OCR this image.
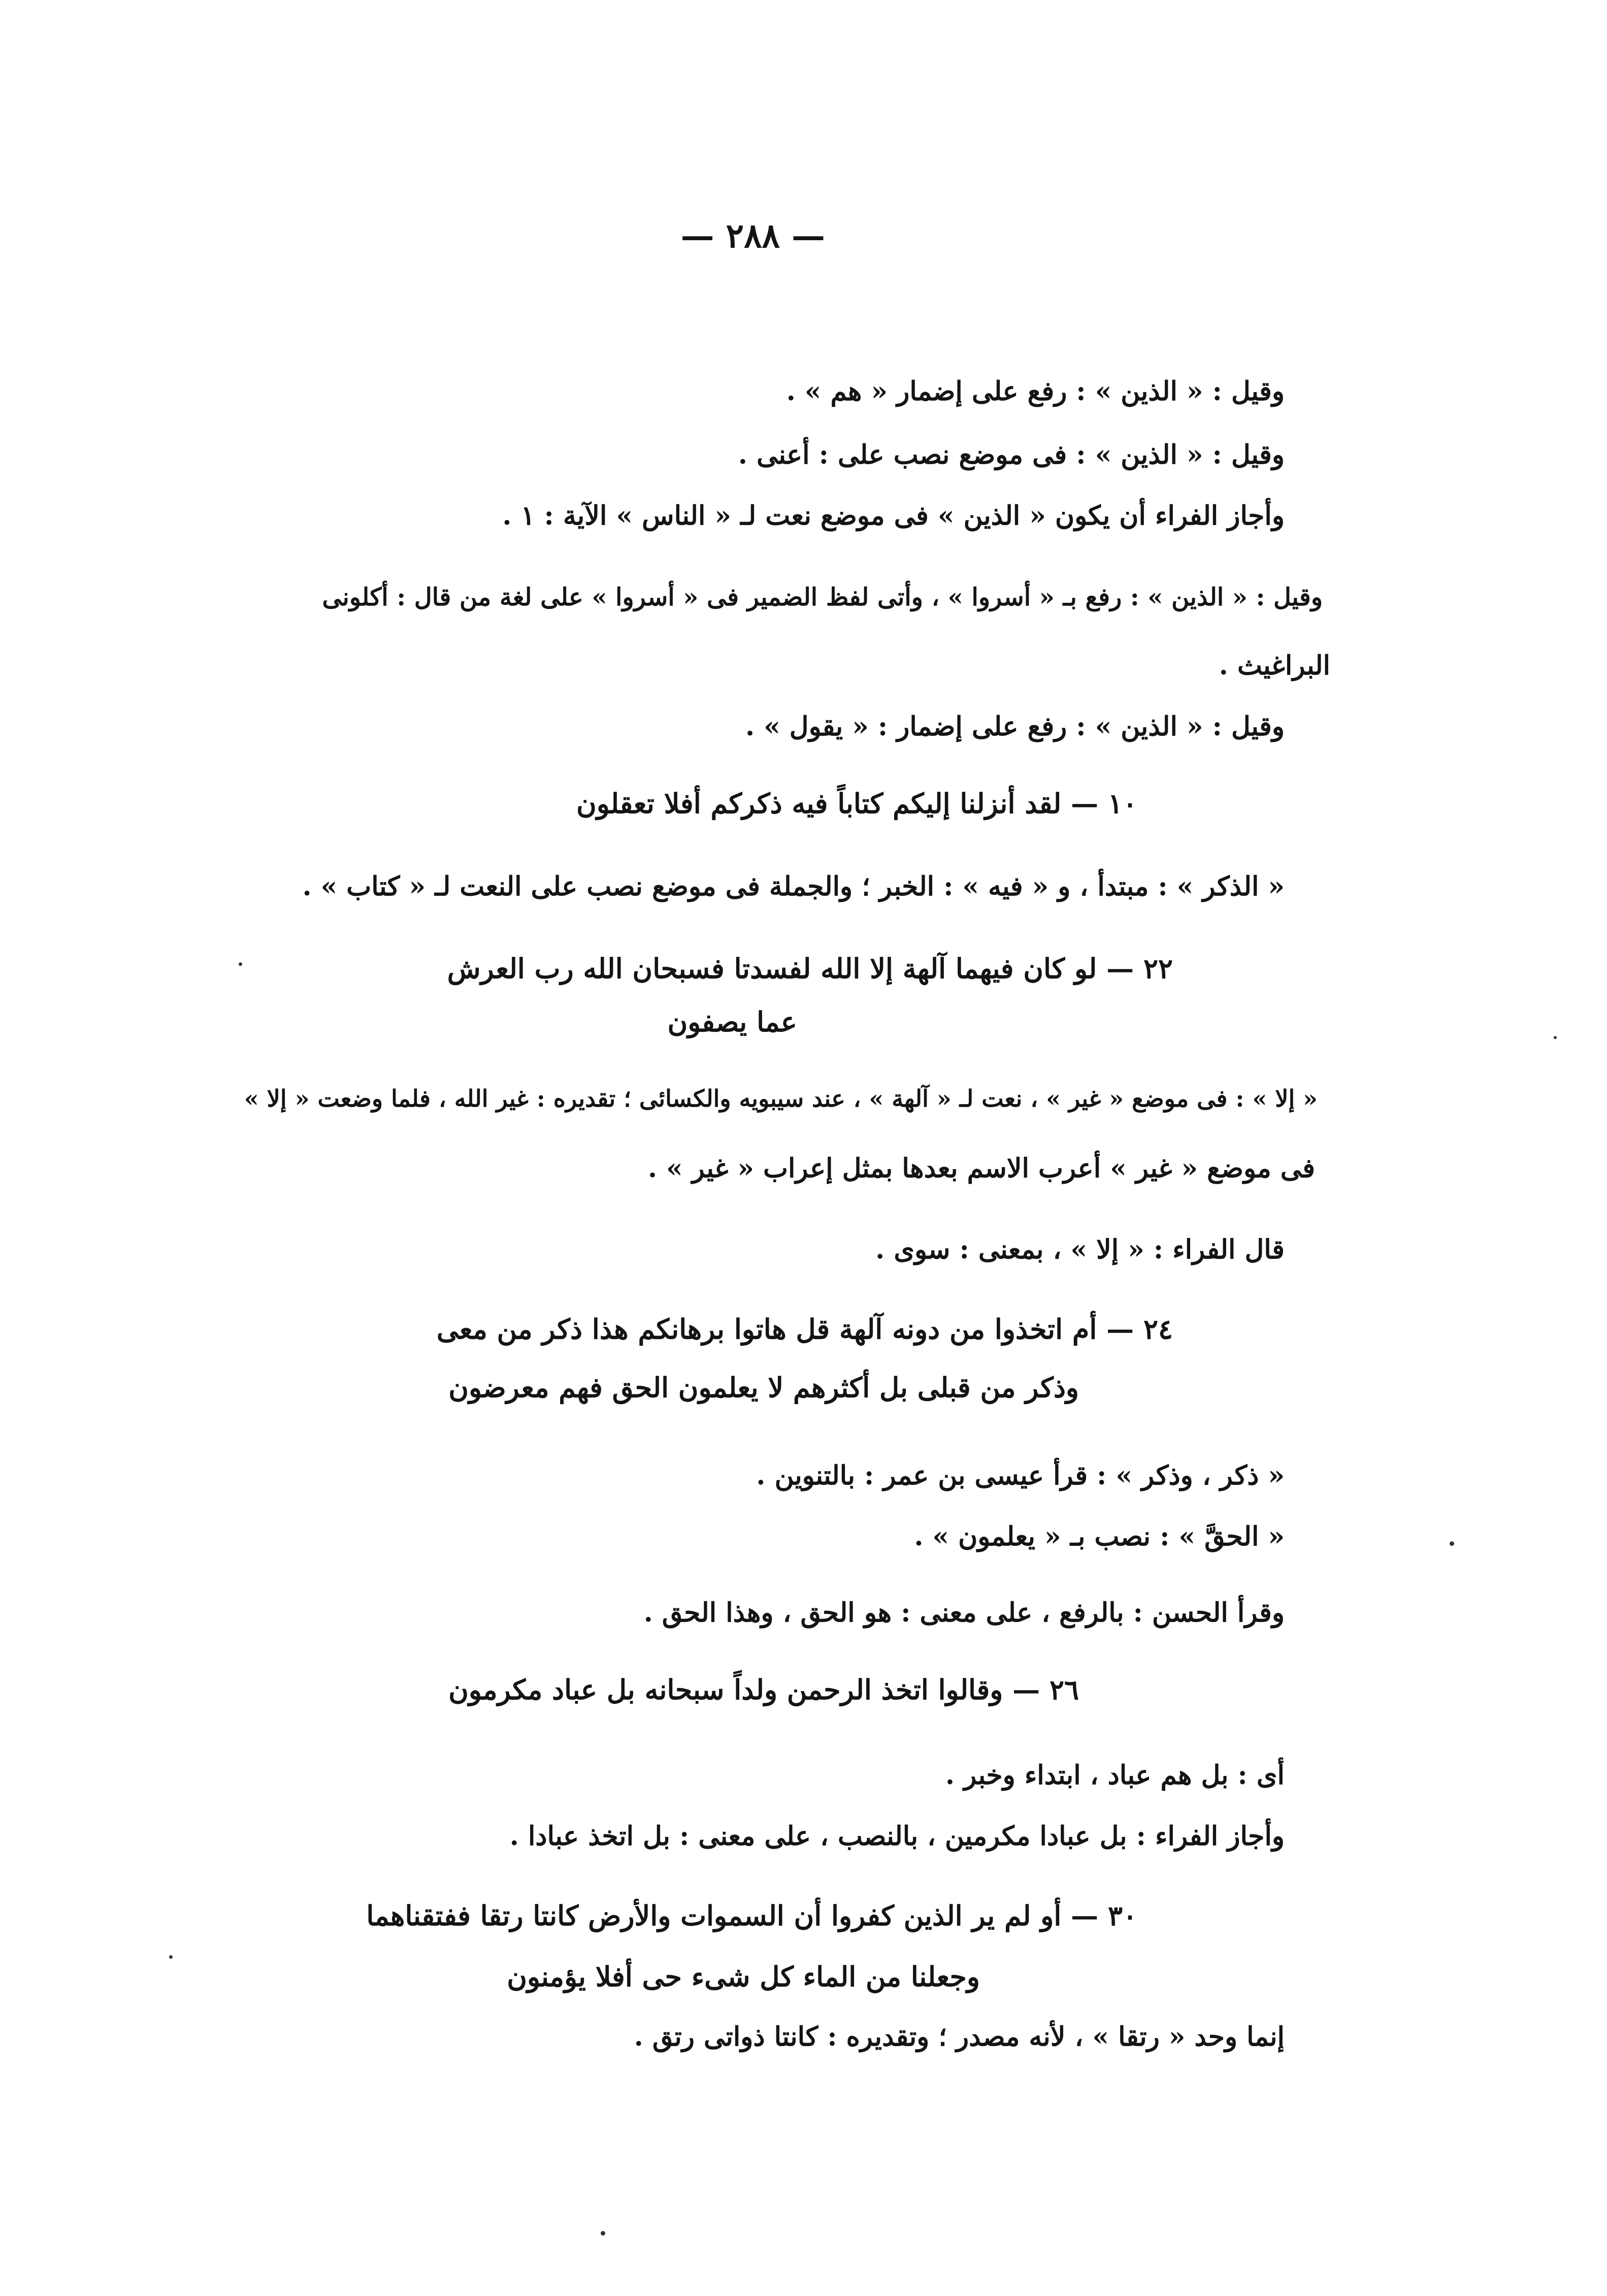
— ٢٨٨ —
وقيل : « الذين » : رفع على إضمار « هم » .
وقيل : « الذين » : فى موضع نصب على : أعنى .
وأجاز الفراء أن يكون « الذين » فى موضع نعت لـ « الناس » الآية : ١ .
وقيل : « الذين » : رفع بـ « أسروا » ، وأتى لفظ الضمير فى « أسروا » على لغة من قال : أكلونى
البراغيث .
وقيل : « الذين » : رفع على إضمار : « يقول » .
١٠ — لقد أنزلنا إليكم كتاباً فيه ذكركم أفلا تعقلون
« الذكر » : مبتدأ ، و « فيه » : الخبر ؛ والجملة فى موضع نصب على النعت لـ « كتاب » .
٢٢ — لو كان فيهما آلهة إلا الله لفسدتا فسبحان الله رب العرش
عما يصفون
« إلا » : فى موضع « غير » ، نعت لـ « آلهة » ، عند سيبويه والكسائى ؛ تقديره : غير الله ، فلما وضعت « إلا »
فى موضع « غير » أعرب الاسم بعدها بمثل إعراب « غير » .
قال الفراء : « إلا » ، بمعنى : سوى .
٢٤ — أم اتخذوا من دونه آلهة قل هاتوا برهانكم هذا ذكر من معى
وذكر من قبلى بل أكثرهم لا يعلمون الحق فهم معرضون
« ذكر ، وذكر » : قرأ عيسى بن عمر : بالتنوين .
« الحقَّ » : نصب بـ « يعلمون » .
وقرأ الحسن : بالرفع ، على معنى : هو الحق ، وهذا الحق .
٢٦ — وقالوا اتخذ الرحمن ولداً سبحانه بل عباد مكرمون
أى : بل هم عباد ، ابتداء وخبر .
وأجاز الفراء : بل عبادا مكرمين ، بالنصب ، على معنى : بل اتخذ عبادا .
٣٠ — أو لم ير الذين كفروا أن السموات والأرض كانتا رتقا ففتقناهما
وجعلنا من الماء كل شىء حى أفلا يؤمنون
إنما وحد « رتقا » ، لأنه مصدر ؛ وتقديره : كانتا ذواتى رتق .
